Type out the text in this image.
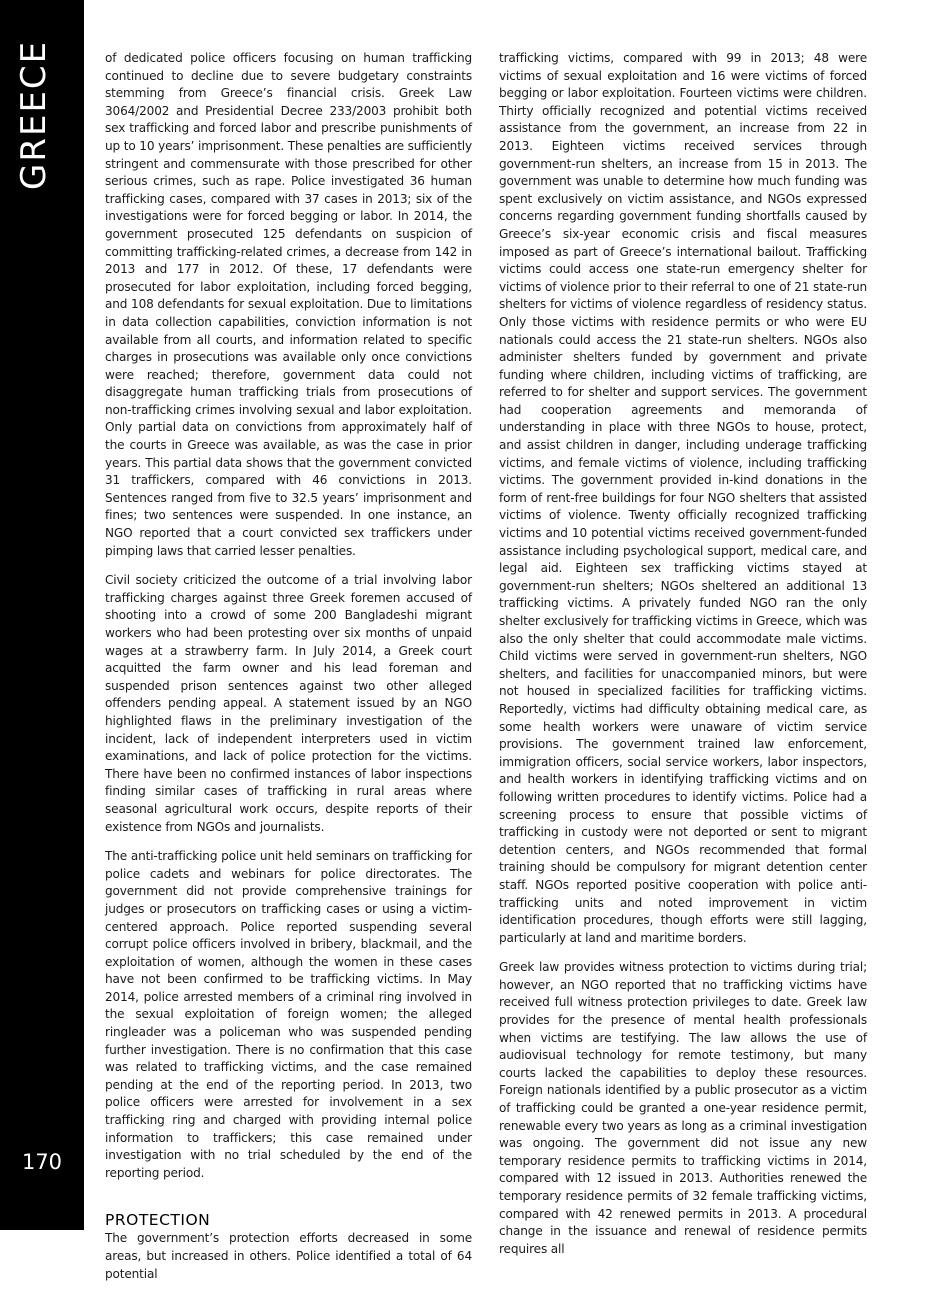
GREECE
170

of dedicated police officers focusing on human trafficking continued to decline due to severe budgetary constraints stemming from Greece’s financial crisis. Greek Law 3064/2002 and Presidential Decree 233/2003 prohibit both sex trafficking and forced labor and prescribe punishments of up to 10 years’ imprisonment. These penalties are sufficiently stringent and commensurate with those prescribed for other serious crimes, such as rape. Police investigated 36 human trafficking cases, compared with 37 cases in 2013; six of the investigations were for forced begging or labor. In 2014, the government prosecuted 125 defendants on suspicion of committing trafficking-related crimes, a decrease from 142 in 2013 and 177 in 2012. Of these, 17 defendants were prosecuted for labor exploitation, including forced begging, and 108 defendants for sexual exploitation. Due to limitations in data collection capabilities, conviction information is not available from all courts, and information related to specific charges in prosecutions was available only once convictions were reached; therefore, government data could not disaggregate human trafficking trials from prosecutions of non-trafficking crimes involving sexual and labor exploitation. Only partial data on convictions from approximately half of the courts in Greece was available, as was the case in prior years. This partial data shows that the government convicted 31 traffickers, compared with 46 convictions in 2013. Sentences ranged from five to 32.5 years’ imprisonment and fines; two sentences were suspended. In one instance, an NGO reported that a court convicted sex traffickers under pimping laws that carried lesser penalties.

Civil society criticized the outcome of a trial involving labor trafficking charges against three Greek foremen accused of shooting into a crowd of some 200 Bangladeshi migrant workers who had been protesting over six months of unpaid wages at a strawberry farm. In July 2014, a Greek court acquitted the farm owner and his lead foreman and suspended prison sentences against two other alleged offenders pending appeal. A statement issued by an NGO highlighted flaws in the preliminary investigation of the incident, lack of independent interpreters used in victim examinations, and lack of police protection for the victims. There have been no confirmed instances of labor inspections finding similar cases of trafficking in rural areas where seasonal agricultural work occurs, despite reports of their existence from NGOs and journalists.

The anti-trafficking police unit held seminars on trafficking for police cadets and webinars for police directorates. The government did not provide comprehensive trainings for judges or prosecutors on trafficking cases or using a victim-centered approach. Police reported suspending several corrupt police officers involved in bribery, blackmail, and the exploitation of women, although the women in these cases have not been confirmed to be trafficking victims. In May 2014, police arrested members of a criminal ring involved in the sexual exploitation of foreign women; the alleged ringleader was a policeman who was suspended pending further investigation. There is no confirmation that this case was related to trafficking victims, and the case remained pending at the end of the reporting period. In 2013, two police officers were arrested for involvement in a sex trafficking ring and charged with providing internal police information to traffickers; this case remained under investigation with no trial scheduled by the end of the reporting period.

PROTECTION

The government’s protection efforts decreased in some areas, but increased in others. Police identified a total of 64 potential

trafficking victims, compared with 99 in 2013; 48 were victims of sexual exploitation and 16 were victims of forced begging or labor exploitation. Fourteen victims were children. Thirty officially recognized and potential victims received assistance from the government, an increase from 22 in 2013. Eighteen victims received services through government-run shelters, an increase from 15 in 2013. The government was unable to determine how much funding was spent exclusively on victim assistance, and NGOs expressed concerns regarding government funding shortfalls caused by Greece’s six-year economic crisis and fiscal measures imposed as part of Greece’s international bailout. Trafficking victims could access one state-run emergency shelter for victims of violence prior to their referral to one of 21 state-run shelters for victims of violence regardless of residency status. Only those victims with residence permits or who were EU nationals could access the 21 state-run shelters. NGOs also administer shelters funded by government and private funding where children, including victims of trafficking, are referred to for shelter and support services. The government had cooperation agreements and memoranda of understanding in place with three NGOs to house, protect, and assist children in danger, including underage trafficking victims, and female victims of violence, including trafficking victims. The government provided in-kind donations in the form of rent-free buildings for four NGO shelters that assisted victims of violence. Twenty officially recognized trafficking victims and 10 potential victims received government-funded assistance including psychological support, medical care, and legal aid. Eighteen sex trafficking victims stayed at government-run shelters; NGOs sheltered an additional 13 trafficking victims. A privately funded NGO ran the only shelter exclusively for trafficking victims in Greece, which was also the only shelter that could accommodate male victims. Child victims were served in government-run shelters, NGO shelters, and facilities for unaccompanied minors, but were not housed in specialized facilities for trafficking victims. Reportedly, victims had difficulty obtaining medical care, as some health workers were unaware of victim service provisions. The government trained law enforcement, immigration officers, social service workers, labor inspectors, and health workers in identifying trafficking victims and on following written procedures to identify victims. Police had a screening process to ensure that possible victims of trafficking in custody were not deported or sent to migrant detention centers, and NGOs recommended that formal training should be compulsory for migrant detention center staff. NGOs reported positive cooperation with police anti-trafficking units and noted improvement in victim identification procedures, though efforts were still lagging, particularly at land and maritime borders.

Greek law provides witness protection to victims during trial; however, an NGO reported that no trafficking victims have received full witness protection privileges to date. Greek law provides for the presence of mental health professionals when victims are testifying. The law allows the use of audiovisual technology for remote testimony, but many courts lacked the capabilities to deploy these resources. Foreign nationals identified by a public prosecutor as a victim of trafficking could be granted a one-year residence permit, renewable every two years as long as a criminal investigation was ongoing. The government did not issue any new temporary residence permits to trafficking victims in 2014, compared with 12 issued in 2013. Authorities renewed the temporary residence permits of 32 female trafficking victims, compared with 42 renewed permits in 2013. A procedural change in the issuance and renewal of residence permits requires all
